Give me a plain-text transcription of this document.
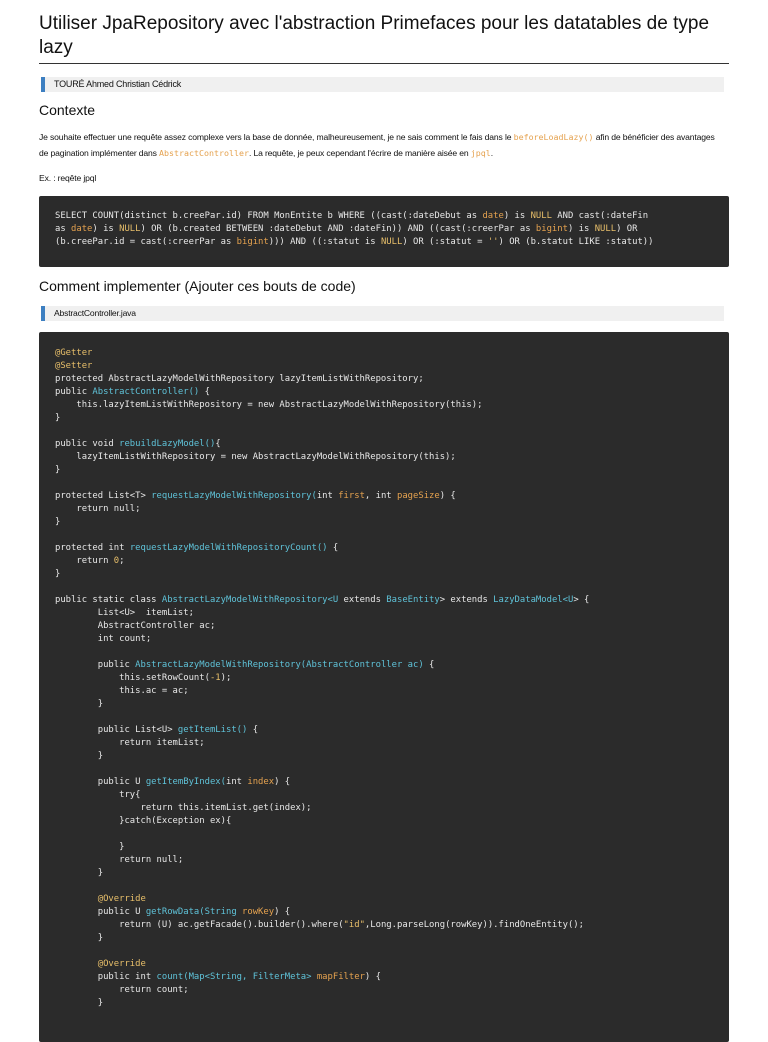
Utiliser JpaRepository avec l'abstraction Primefaces pour les datatables de type lazy
TOURÉ Ahmed Christian Cédrick
Contexte

Je souhaite effectuer une requête assez complexe vers la base de donnée, malheureusement, je ne sais comment le fais dans le beforeLoadLazy() afin de bénéficier des avantages de pagination implémenter dans AbstractController. La requête, je peux cependant l'écrire de manière aisée en jpql.

Ex. : reqête jpql

SELECT COUNT(distinct b.creePar.id) FROM MonEntite b WHERE ((cast(:dateDebut as date) is NULL AND cast(:dateFin
as date) is NULL) OR (b.created BETWEEN :dateDebut AND :dateFin)) AND ((cast(:creerPar as bigint) is NULL) OR
(b.creePar.id = cast(:creerPar as bigint))) AND ((:statut is NULL) OR (:statut = '') OR (b.statut LIKE :statut))
Comment implementer (Ajouter ces bouts de code)
AbstractController.java
@Getter
@Setter
protected AbstractLazyModelWithRepository lazyItemListWithRepository;
public AbstractController() {
this.lazyItemListWithRepository = new AbstractLazyModelWithRepository(this);
}
public void rebuildLazyModel(){
lazyItemListWithRepository = new AbstractLazyModelWithRepository(this);
}
protected List<T> requestLazyModelWithRepository(int first, int pageSize) {
return null;
}
protected int requestLazyModelWithRepositoryCount() {
return 0;
}
public static class AbstractLazyModelWithRepository<U extends BaseEntity> extends LazyDataModel<U> {
List<U>  itemList;
AbstractController ac;
int count;
public AbstractLazyModelWithRepository(AbstractController ac) {
this.setRowCount(-1);
this.ac = ac;
}
public List<U> getItemList() {
return itemList;
}
public U getItemByIndex(int index) {
try{
return this.itemList.get(index);
}catch(Exception ex){
}
return null;
}
@Override
public U getRowData(String rowKey) {
return (U) ac.getFacade().builder().where("id",Long.parseLong(rowKey)).findOneEntity();
}
@Override
public int count(Map<String, FilterMeta> mapFilter) {
return count;
}
